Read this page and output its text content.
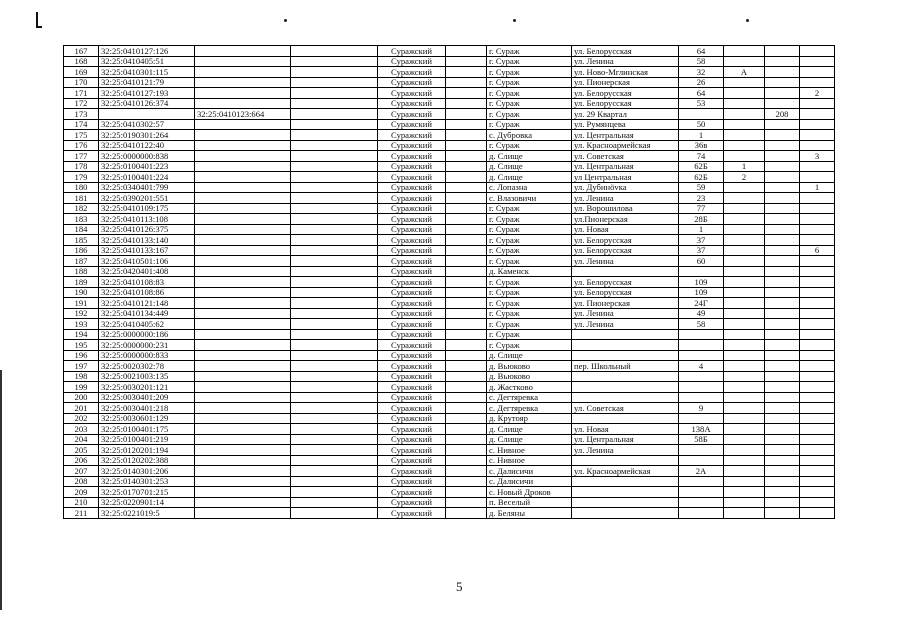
167	32:25:0410127:126			Суражский		г. Сураж	ул. Белорусская	64			
168	32:25:0410405:51			Суражский		г. Сураж	ул. Ленина	58			
169	32:25:0410301:115			Суражский		г. Сураж	ул. Ново-Мглинская	32	А		
170	32:25:0410121:79			Суражский		г. Сураж	ул. Пионерская	26			
171	32:25:0410127:193			Суражский		г. Сураж	ул. Белорусская	64			2
172	32:25:0410126:374			Суражский		г. Сураж	ул. Белорусская	53			
173		32:25:0410123:664		Суражский		г. Сураж	ул. 29 Квартал			208	
174	32:25:0410302:57			Суражский		г. Сураж	ул. Румянцева	50			
175	32:25:0190301:264			Суражский		с. Дубровка	ул. Центральная	1			
176	32:25:0410122:40			Суражский		г. Сураж	ул. Красноармейская	36в			
177	32:25:0000000:838			Суражский		д. Слище	ул. Советская	74			3
178	32:25:0100401:223			Суражский		д. Слище	ул. Центральная	62Б	1		
179	32:25:0100401:224			Суражский		д. Слище	ул Центральная	62Б	2		
180	32:25:0340401:799			Суражский		с. Лопазна	ул. Дубинövка	59			1
181	32:25:0390201:551			Суражский		с. Влазовичи	ул. Ленина	23			
182	32:25:0410109:175			Суражский		г. Сураж	ул. Ворошилова	77			
183	32:25:0410113:108			Суражский		г. Сураж	ул.Пионерская	28Б			
184	32:25:0410126:375			Суражский		г. Сураж	ул. Новая	1			
185	32:25:0410133:140			Суражский		г. Сураж	ул. Белорусская	37			
186	32:25:0410133:167			Суражский		г. Сураж	ул. Белорусская	37			6
187	32:25:0410501:106			Суражский		г. Сураж	ул. Ленина	60			
188	32:25:0420401:408			Суражский		д. Каменск					
189	32:25:0410108:83			Суражский		г. Сураж	ул. Белорусская	109			
190	32:25:0410108:86			Суражский		г. Сураж	ул. Белорусская	109			
191	32:25:0410121:148			Суражский		г. Сураж	ул. Пионерская	24Г			
192	32:25:0410134:449			Суражский		г. Сураж	ул. Ленина	49			
193	32:25:0410405:62			Суражский		г. Сураж	ул. Ленина	58			
194	32:25:0000000:186			Суражский		г. Сураж					
195	32:25:0000000:231			Суражский		г. Сураж					
196	32:25:0000000:833			Суражский		д. Слище					
197	32:25:0020302:78			Суражский		д. Вьюково	пер. Школьный	4			
198	32:25:0021003:135			Суражский		д. Вьюково					
199	32:25:0030201:121			Суражский		д. Жастково					
200	32:25:0030401:209			Суражский		с. Дегтяревка					
201	32:25:0030401:218			Суражский		с. Дегтяревка	ул. Советская	9			
202	32:25:0030601:129			Суражский		д. Крутояр					
203	32:25:0100401:175			Суражский		д. Слище	ул. Новая	138А			
204	32:25:0100401:219			Суражский		д. Слище	ул. Центральная	58Б			
205	32:25:0120201:194			Суражский		с. Нивное	ул. Ленина				
206	32:25:0120202:388			Суражский		с. Нивное					
207	32:25:0140301:206			Суражский		с. Далисичи	ул. Красноармейская	2А			
208	32:25:0140301:253			Суражский		с. Далисичи					
209	32:25:0170701:215			Суражский		с. Новый Дроков					
210	32:25:0220901:14			Суражский		п. Веселый					
211	32:25:0221019:5			Суражский		д. Беляны					
5
